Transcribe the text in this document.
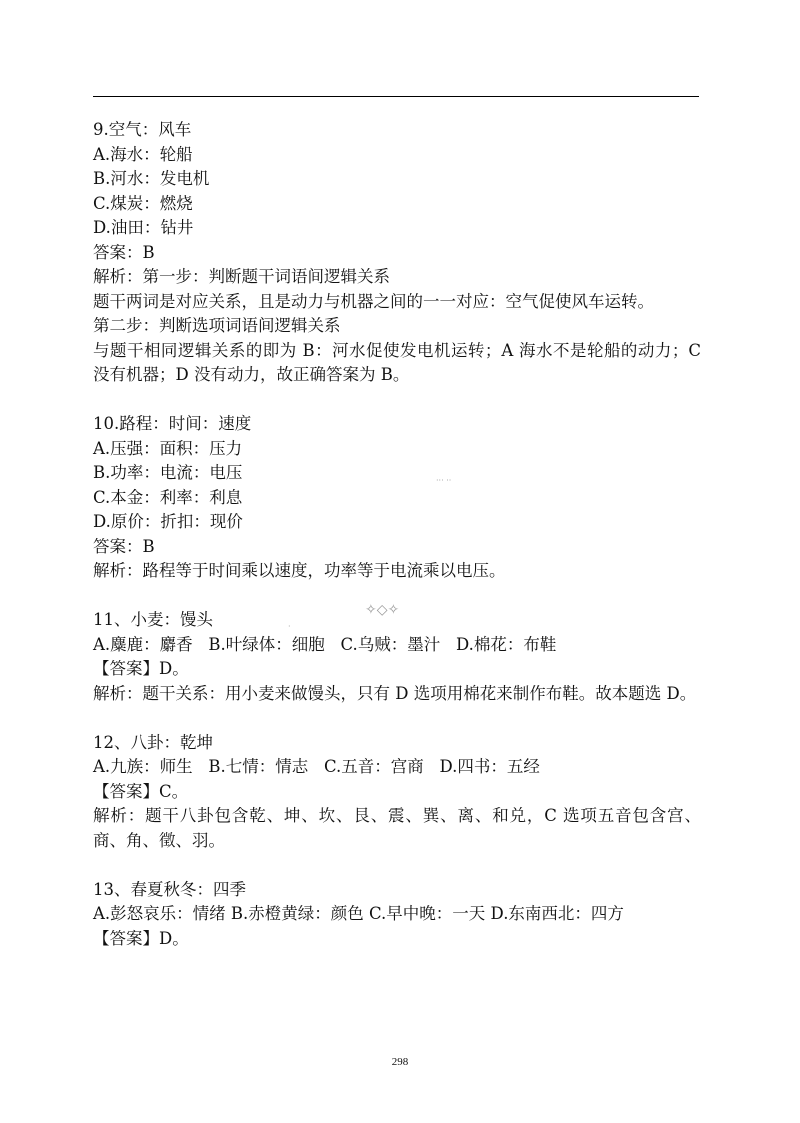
9.空气：风车
A.海水：轮船
B.河水：发电机
C.煤炭：燃烧
D.油田：钻井
答案：B
解析：第一步：判断题干词语间逻辑关系
题干两词是对应关系，且是动力与机器之间的一一对应：空气促使风车运转。
第二步：判断选项词语间逻辑关系
与题干相同逻辑关系的即为 B：河水促使发电机运转；A 海水不是轮船的动力；C 没有机器；D 没有动力，故正确答案为 B。
10.路程：时间：速度
A.压强：面积：压力
B.功率：电流：电压
C.本金：利率：利息
D.原价：折扣：现价
答案：B
解析：路程等于时间乘以速度，功率等于电流乘以电压。
11、小麦：馒头
A.麋鹿：麝香   B.叶绿体：细胞   C.乌贼：墨汁   D.棉花：布鞋
【答案】D。
解析：题干关系：用小麦来做馒头，只有 D 选项用棉花来制作布鞋。故本题选 D。
12、八卦：乾坤
A.九族：师生   B.七情：情志   C.五音：宫商   D.四书：五经
【答案】C。
解析：题干八卦包含乾、坤、坎、艮、震、巽、离、和兑，C 选项五音包含宫、商、角、徵、羽。
13、春夏秋冬：四季
A.彭怒哀乐：情绪 B.赤橙黄绿：颜色 C.早中晚：一天 D.东南西北：四方
【答案】D。
··· ··
✧◇✧
·
298
